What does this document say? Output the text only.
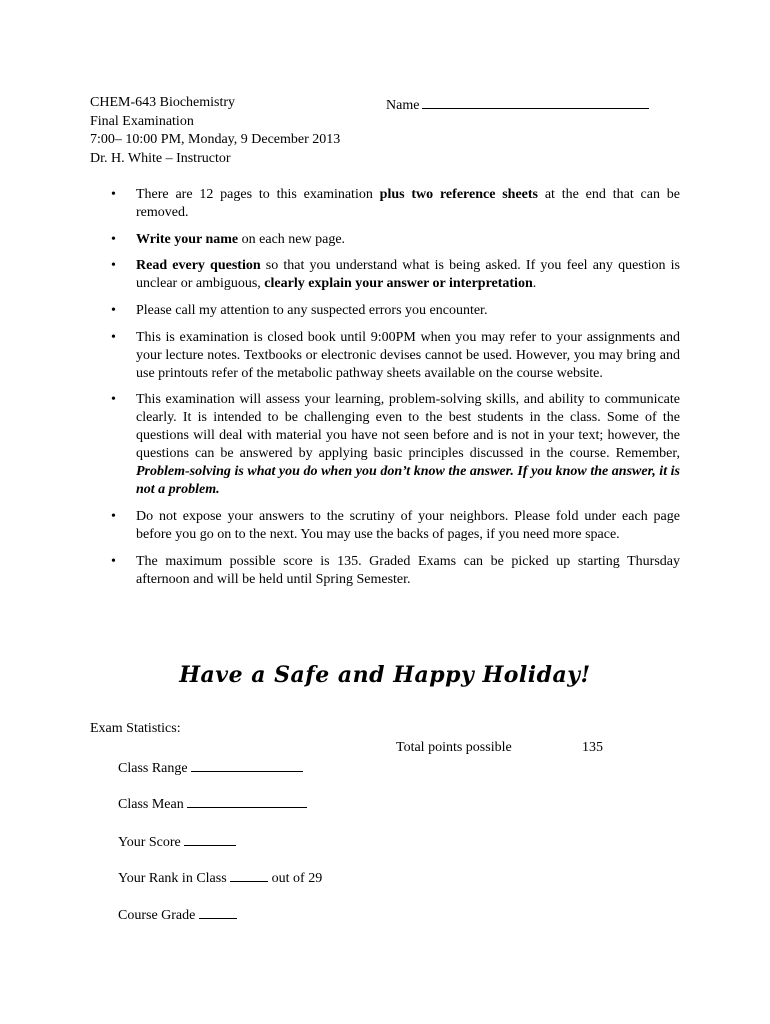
CHEM-643 Biochemistry
Final Examination
7:00– 10:00 PM, Monday, 9 December 2013
Dr. H. White – Instructor
Name
• There are 12 pages to this examination plus two reference sheets at the end that can be removed.
• Write your name on each new page.
• Read every question so that you understand what is being asked. If you feel any question is unclear or ambiguous, clearly explain your answer or interpretation.
• Please call my attention to any suspected errors you encounter.
• This is examination is closed book until 9:00PM when you may refer to your assignments and your lecture notes. Textbooks or electronic devises cannot be used. However, you may bring and use printouts refer of the metabolic pathway sheets available on the course website.
• This examination will assess your learning, problem-solving skills, and ability to communicate clearly. It is intended to be challenging even to the best students in the class. Some of the questions will deal with material you have not seen before and is not in your text; however, the questions can be answered by applying basic principles discussed in the course. Remember, Problem-solving is what you do when you don’t know the answer. If you know the answer, it is not a problem.
• Do not expose your answers to the scrutiny of your neighbors. Please fold under each page before you go on to the next. You may use the backs of pages, if you need more space.
• The maximum possible score is 135. Graded Exams can be picked up starting Thursday afternoon and will be held until Spring Semester.
Have a Safe and Happy Holiday!
Exam Statistics:
Total points possible	135
Class Range
Class Mean
Your Score
Your Rank in Class	out of 29
Course Grade
